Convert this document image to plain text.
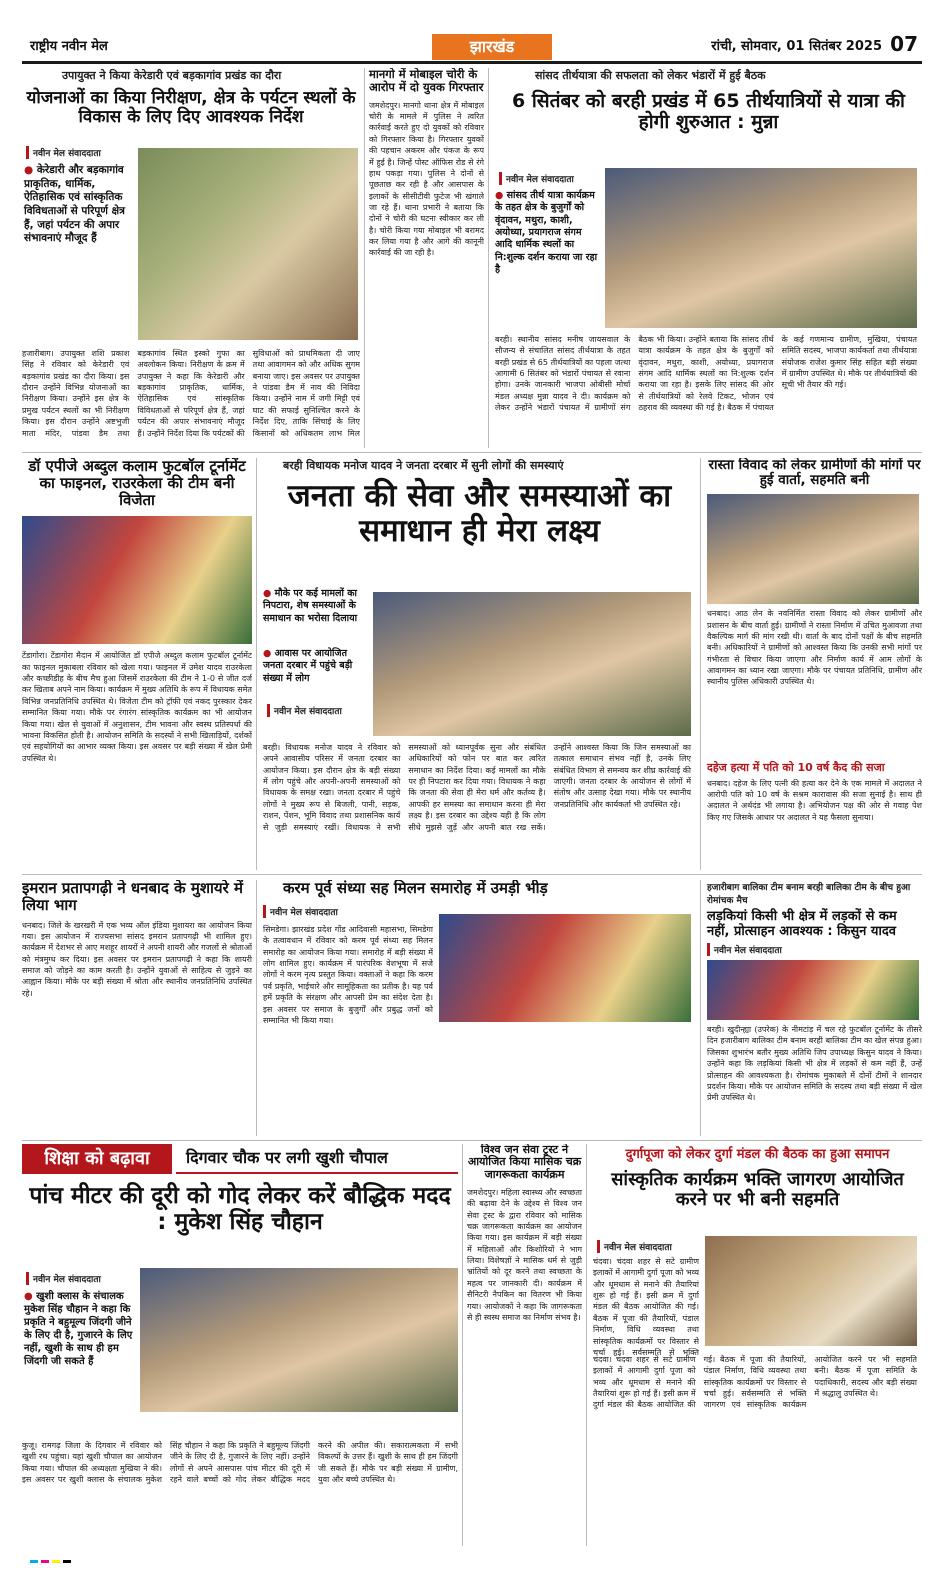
राष्ट्रीय नवीन मेल	झारखंड	रांची, सोमवार, 01 सितंबर 2025 07
उपायुक्त ने किया केरेडारी एवं बड़कागांव प्रखंड का दौरा
योजनाओं का किया निरीक्षण, क्षेत्र के पर्यटन स्थलों के विकास के लिए दिए आवश्यक निर्देश
नवीन मेल संवाददाता
● केरेडारी और बड़कागांव प्राकृतिक, धार्मिक, ऐतिहासिक एवं सांस्कृतिक विविधताओं से परिपूर्ण क्षेत्र हैं, जहां पर्यटन की अपार संभावनाएं मौजूद हैं
हजारीबाग। उपायुक्त शशि प्रकाश सिंह ने रविवार को केरेडारी एवं बड़कागांव प्रखंड का दौरा किया। इस दौरान उन्होंने विभिन्न योजनाओं का निरीक्षण किया। उन्होंने इस क्षेत्र के प्रमुख पर्यटन स्थलों का भी निरीक्षण किया। इस दौरान उन्होंने अष्टभुजी माता मंदिर, पांडवा डैम तथा बड़कागांव स्थित इस्को गुफा का अवलोकन किया। निरीक्षण के क्रम में उपायुक्त ने कहा कि केरेडारी और बड़कागांव प्राकृतिक, धार्मिक, ऐतिहासिक एवं सांस्कृतिक विविधताओं से परिपूर्ण क्षेत्र हैं, जहां पर्यटन की अपार संभावनाएं मौजूद हैं। उन्होंने निर्देश दिया कि पर्यटकों की सुविधाओं को प्राथमिकता दी जाए तथा आवागमन को और अधिक सुगम बनाया जाए। इस अवसर पर उपायुक्त ने पांडवा डैम में नाव की निविदा किया। उन्होंने नाम में जगी मिट्टी एवं घाट की सफाई सुनिश्चित करने के निर्देश दिए, ताकि सिंचाई के लिए किसानों को अधिकतम लाभ मिल
मानगो में मोबाइल चोरी के आरोप में दो युवक गिरफ्तार
जमशेदपुर। मानगो थाना क्षेत्र में मोबाइल चोरी के मामले में पुलिस ने त्वरित कार्रवाई करते हुए दो युवकों को रविवार को गिरफ्तार किया है। गिरफ्तार युवकों की पहचान अकरम और पंकज के रूप में हुई है। जिन्हें पोस्ट ऑफिस रोड से रंगे हाथ पकड़ा गया। पुलिस ने दोनों से पूछताछ कर रही है और आसपास के इलाकों के सीसीटीवी फुटेज भी खंगाले जा रहे हैं। थाना प्रभारी ने बताया कि दोनों ने चोरी की घटना स्वीकार कर ली है। चोरी किया गया मोबाइल भी बरामद कर लिया गया है और आगे की कानूनी कार्रवाई की जा रही है।
सांसद तीर्थयात्रा की सफलता को लेकर भंडारों में हुई बैठक
6 सितंबर को बरही प्रखंड में 65 तीर्थयात्रियों से यात्रा की होगी शुरुआत : मुन्ना
नवीन मेल संवाददाता
● सांसद तीर्थ यात्रा कार्यक्रम के तहत क्षेत्र के बुजुर्गों को वृंदावन, मथुरा, काशी, अयोध्या, प्रयागराज संगम आदि धार्मिक स्थलों का नि:शुल्क दर्शन कराया जा रहा है
बरही। स्थानीय सांसद मनीष जायसवाल के सौजन्य से संचालित सांसद तीर्थयात्रा के तहत बरही प्रखंड से 65 तीर्थयात्रियों का पहला जत्था आगामी 6 सितंबर को भंडारों पंचायत से रवाना होगा। उनके जानकारी भाजपा ओबीसी मोर्चा मंडल अध्यक्ष मुन्ना यादव ने दी। कार्यक्रम को लेकर उन्होंने भंडारों पंचायत में ग्रामीणों संग बैठक भी किया। उन्होंने बताया कि सांसद तीर्थ यात्रा कार्यक्रम के तहत क्षेत्र के बुजुर्गों को वृंदावन, मथुरा, काशी, अयोध्या, प्रयागराज संगम आदि धार्मिक स्थलों का नि:शुल्क दर्शन कराया जा रहा है। इसके लिए सांसद की ओर से तीर्थयात्रियों को रेलवे टिकट, भोजन एवं ठहराव की व्यवस्था की गई है। बैठक में पंचायत के कई गणमान्य ग्रामीण, मुखिया, पंचायत समिति सदस्य, भाजपा कार्यकर्ता तथा तीर्थयात्रा संयोजक राजेश कुमार सिंह सहित बड़ी संख्या में ग्रामीण उपस्थित थे। मौके पर तीर्थयात्रियों की सूची भी तैयार की गई।
डॉ एपीजे अब्दुल कलाम फुटबॉल टूर्नामेंट का फाइनल, राउरकेला की टीम बनी विजेता
टेंडागोरा। टेंडागोरा मैदान में आयोजित डॉ एपीजे अब्दुल कलाम फुटबॉल टूर्नामेंट का फाइनल मुकाबला रविवार को खेला गया। फाइनल में उमेश यादव राउरकेला और कच्छीडीह के बीच मैच हुआ जिसमें राउरकेला की टीम ने 1-0 से जीत दर्ज कर खिताब अपने नाम किया। कार्यक्रम में मुख्य अतिथि के रूप में विधायक समेत विभिन्न जनप्रतिनिधि उपस्थित थे। विजेता टीम को ट्रॉफी एवं नकद पुरस्कार देकर सम्मानित किया गया। मौके पर रंगारंग सांस्कृतिक कार्यक्रम का भी आयोजन किया गया। खेल से युवाओं में अनुशासन, टीम भावना और स्वस्थ प्रतिस्पर्धा की भावना विकसित होती है। आयोजन समिति के सदस्यों ने सभी खिलाड़ियों, दर्शकों एवं सहयोगियों का आभार व्यक्त किया। इस अवसर पर बड़ी संख्या में खेल प्रेमी उपस्थित थे।
बरही विधायक मनोज यादव ने जनता दरबार में सुनी लोगों की समस्याएं
जनता की सेवा और समस्याओं का समाधान ही मेरा लक्ष्य
● मौके पर कई मामलों का निपटारा, शेष समस्याओं के समाधान का भरोसा दिलाया
● आवास पर आयोजित जनता दरबार में पहुंचे बड़ी संख्या में लोग
नवीन मेल संवाददाता
बरही। विधायक मनोज यादव ने रविवार को अपने आवासीय परिसर में जनता दरबार का आयोजन किया। इस दौरान क्षेत्र के बड़ी संख्या में लोग पहुंचे और अपनी-अपनी समस्याओं को विधायक के समक्ष रखा। जनता दरबार में पहुंचे लोगों ने मुख्य रूप से बिजली, पानी, सड़क, राशन, पेंशन, भूमि विवाद तथा प्रशासनिक कार्य से जुड़ी समस्याएं रखीं। विधायक ने सभी समस्याओं को ध्यानपूर्वक सुना और संबंधित अधिकारियों को फोन पर बात कर त्वरित समाधान का निर्देश दिया। कई मामलों का मौके पर ही निपटारा कर दिया गया। विधायक ने कहा कि जनता की सेवा ही मेरा धर्म और कर्तव्य है। आपकी हर समस्या का समाधान करना ही मेरा लक्ष्य है। इस दरबार का उद्देश्य यही है कि लोग सीधे मुझसे जुड़ें और अपनी बात रख सकें। उन्होंने आश्वस्त किया कि जिन समस्याओं का तत्काल समाधान संभव नहीं है, उनके लिए संबंधित विभाग से समन्वय कर शीघ्र कार्रवाई की जाएगी। जनता दरबार के आयोजन से लोगों में संतोष और उत्साह देखा गया। मौके पर स्थानीय जनप्रतिनिधि और कार्यकर्ता भी उपस्थित रहे।
रास्ता विवाद को लेकर ग्रामीणों की मांगों पर हुई वार्ता, सहमति बनी
धनबाद। आठ लेन के नवनिर्मित रास्ता विवाद को लेकर ग्रामीणों और प्रशासन के बीच वार्ता हुई। ग्रामीणों ने रास्ता निर्माण में उचित मुआवजा तथा वैकल्पिक मार्ग की मांग रखी थी। वार्ता के बाद दोनों पक्षों के बीच सहमति बनी। अधिकारियों ने ग्रामीणों को आश्वस्त किया कि उनकी सभी मांगों पर गंभीरता से विचार किया जाएगा और निर्माण कार्य में आम लोगों के आवागमन का ध्यान रखा जाएगा। मौके पर पंचायत प्रतिनिधि, ग्रामीण और स्थानीय पुलिस अधिकारी उपस्थित थे।
दहेज हत्या में पति को 10 वर्ष कैद की सजा
धनबाद। दहेज के लिए पत्नी की हत्या कर देने के एक मामले में अदालत ने आरोपी पति को 10 वर्ष के सश्रम कारावास की सजा सुनाई है। साथ ही अदालत ने अर्थदंड भी लगाया है। अभियोजन पक्ष की ओर से गवाह पेश किए गए जिसके आधार पर अदालत ने यह फैसला सुनाया।
इमरान प्रतापगढ़ी ने धनबाद के मुशायरे में लिया भाग
धनबाद। जिले के खरखरी में एक भव्य ऑल इंडिया मुशायरा का आयोजन किया गया। इस आयोजन में राज्यसभा सांसद इमरान प्रतापगढ़ी भी शामिल हुए। कार्यक्रम में देशभर से आए मशहूर शायरों ने अपनी शायरी और गजलों से श्रोताओं को मंत्रमुग्ध कर दिया। इस अवसर पर इमरान प्रतापगढ़ी ने कहा कि शायरी समाज को जोड़ने का काम करती है। उन्होंने युवाओं से साहित्य से जुड़ने का आह्वान किया। मौके पर बड़ी संख्या में श्रोता और स्थानीय जनप्रतिनिधि उपस्थित रहे।
करम पूर्व संध्या सह मिलन समारोह में उमड़ी भीड़
नवीन मेल संवाददाता
सिमडेगा। झारखंड प्रदेश गोंड आदिवासी महासभा, सिमडेगा के तत्वावधान में रविवार को करम पूर्व संध्या सह मिलन समारोह का आयोजन किया गया। समारोह में बड़ी संख्या में लोग शामिल हुए। कार्यक्रम में पारंपरिक वेशभूषा में सजे लोगों ने करम नृत्य प्रस्तुत किया। वक्ताओं ने कहा कि करम पर्व प्रकृति, भाईचारे और सामूहिकता का प्रतीक है। यह पर्व हमें प्रकृति के संरक्षण और आपसी प्रेम का संदेश देता है। इस अवसर पर समाज के बुजुर्गों और प्रबुद्ध जनों को सम्मानित भी किया गया।
हजारीबाग बालिका टीम बनाम बरही बालिका टीम के बीच हुआ रोमांचक मैच
लड़कियां किसी भी क्षेत्र में लड़कों से कम नहीं, प्रोत्साहन आवश्यक : किसुन यादव
नवीन मेल संवाददाता
बरही। खुदीन्ह्या (उपरेक) के नीमटांड़ में चल रहे फुटबॉल टूर्नामेंट के तीसरे दिन हजारीबाग बालिका टीम बनाम बरही बालिका टीम का खेल संपन्न हुआ। जिसका शुभारंभ बतौर मुख्य अतिथि जिप उपाध्यक्ष किसुन यादव ने किया। उन्होंने कहा कि लड़कियां किसी भी क्षेत्र में लड़कों से कम नहीं हैं, उन्हें प्रोत्साहन की आवश्यकता है। रोमांचक मुकाबले में दोनों टीमों ने शानदार प्रदर्शन किया। मौके पर आयोजन समिति के सदस्य तथा बड़ी संख्या में खेल प्रेमी उपस्थित थे।
शिक्षा को बढ़ावा	दिगवार चौक पर लगी खुशी चौपाल
पांच मीटर की दूरी को गोद लेकर करें बौद्धिक मदद : मुकेश सिंह चौहान
नवीन मेल संवाददाता
● खुशी क्लास के संचालक मुकेश सिंह चौहान ने कहा कि प्रकृति ने बहुमूल्य जिंदगी जीने के लिए दी है, गुजारने के लिए नहीं, खुशी के साथ ही हम जिंदगी जी सकते हैं
कुजू। रामगढ़ जिला के दिगवार में रविवार को खुशी रथ पहुंचा। यहां खुशी चौपाल का आयोजन किया गया। चौपाल की अध्यक्षता मुखिया ने की। इस अवसर पर खुशी क्लास के संचालक मुकेश सिंह चौहान ने कहा कि प्रकृति ने बहुमूल्य जिंदगी जीने के लिए दी है, गुजारने के लिए नहीं। उन्होंने लोगों से अपने आसपास पांच मीटर की दूरी में रहने वाले बच्चों को गोद लेकर बौद्धिक मदद करने की अपील की। सकारात्मकता में सभी विकल्पों के उत्तर हैं। खुशी के साथ ही हम जिंदगी जी सकते हैं। मौके पर बड़ी संख्या में ग्रामीण, युवा और बच्चे उपस्थित थे।
विश्व जन सेवा ट्रस्ट ने आयोजित किया मासिक चक्र जागरूकता कार्यक्रम
जमशेदपुर। महिला स्वास्थ्य और स्वच्छता की बढ़ावा देने के उद्देश्य से विश्व जन सेवा ट्रस्ट के द्वारा रविवार को मासिक चक्र जागरूकता कार्यक्रम का आयोजन किया गया। इस कार्यक्रम में बड़ी संख्या में महिलाओं और किशोरियों ने भाग लिया। विशेषज्ञों ने मासिक धर्म से जुड़ी भ्रांतियों को दूर करने तथा स्वच्छता के महत्व पर जानकारी दी। कार्यक्रम में सैनिटरी नैपकिन का वितरण भी किया गया। आयोजकों ने कहा कि जागरूकता से ही स्वस्थ समाज का निर्माण संभव है।
दुर्गापूजा को लेकर दुर्गा मंडल की बैठक का हुआ समापन
सांस्कृतिक कार्यक्रम भक्ति जागरण आयोजित करने पर भी बनी सहमति
नवीन मेल संवाददाता
चंदवा। चंदवा शहर से सटे ग्रामीण इलाकों में आगामी दुर्गा पूजा को भव्य और धूमधाम से मनाने की तैयारियां शुरू हो गई हैं। इसी क्रम में दुर्गा मंडल की बैठक आयोजित की गई। बैठक में पूजा की तैयारियों, पंडाल निर्माण, विधि व्यवस्था तथा सांस्कृतिक कार्यक्रमों पर विस्तार से चर्चा हुई। सर्वसम्मति से भक्ति
चंदवा। चंदवा शहर से सटे ग्रामीण इलाकों में आगामी दुर्गा पूजा को भव्य और धूमधाम से मनाने की तैयारियां शुरू हो गई हैं। इसी क्रम में दुर्गा मंडल की बैठक आयोजित की गई। बैठक में पूजा की तैयारियों, पंडाल निर्माण, विधि व्यवस्था तथा सांस्कृतिक कार्यक्रमों पर विस्तार से चर्चा हुई। सर्वसम्मति से भक्ति जागरण एवं सांस्कृतिक कार्यक्रम आयोजित करने पर भी सहमति बनी। बैठक में पूजा समिति के पदाधिकारी, सदस्य और बड़ी संख्या में श्रद्धालु उपस्थित थे।
